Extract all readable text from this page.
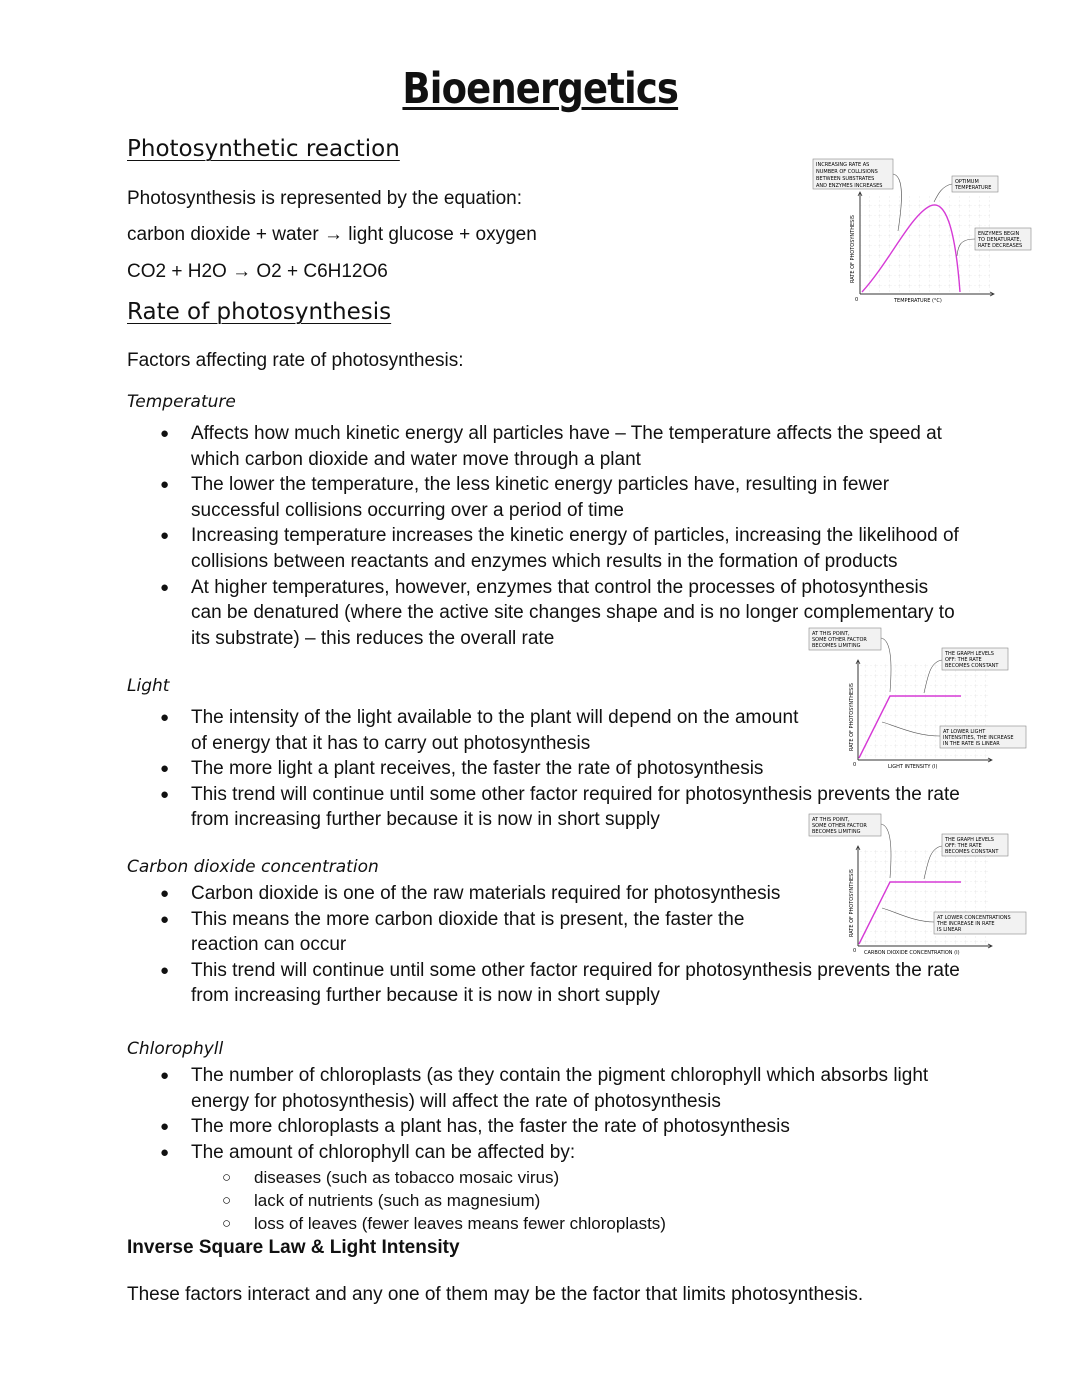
Bioenergetics
Photosynthetic reaction
Photosynthesis is represented by the equation:
carbon dioxide + water → light glucose + oxygen
CO2 + H2O → O2 + C6H12O6
Rate of photosynthesis
Factors affecting rate of photosynthesis:
Temperature
● Affects how much kinetic energy all particles have – The temperature affects the speed at which carbon dioxide and water move through a plant
● The lower the temperature, the less kinetic energy particles have, resulting in fewer successful collisions occurring over a period of time
● Increasing temperature increases the kinetic energy of particles, increasing the likelihood of collisions between reactants and enzymes which results in the formation of products
● At higher temperatures, however, enzymes that control the processes of photosynthesis can be denatured (where the active site changes shape and is no longer complementary to its substrate) – this reduces the overall rate
Light
● The intensity of the light available to the plant will depend on the amount of energy that it has to carry out photosynthesis
● The more light a plant receives, the faster the rate of photosynthesis
● This trend will continue until some other factor required for photosynthesis prevents the rate from increasing further because it is now in short supply
Carbon dioxide concentration
● Carbon dioxide is one of the raw materials required for photosynthesis
● This means the more carbon dioxide that is present, the faster the reaction can occur
● This trend will continue until some other factor required for photosynthesis prevents the rate from increasing further because it is now in short supply
Chlorophyll
● The number of chloroplasts (as they contain the pigment chlorophyll which absorbs light energy for photosynthesis) will affect the rate of photosynthesis
● The more chloroplasts a plant has, the faster the rate of photosynthesis
● The amount of chlorophyll can be affected by:
○ diseases (such as tobacco mosaic virus)
○ lack of nutrients (such as magnesium)
○ loss of leaves (fewer leaves means fewer chloroplasts)
Inverse Square Law & Light Intensity
These factors interact and any one of them may be the factor that limits photosynthesis.
RATE OF PHOTOSYNTHESIS
TEMPERATURE (°C)
0
INCREASING RATE AS NUMBER OF COLLISIONS BETWEEN SUBSTRATES AND ENZYMES INCREASES
OPTIMUM TEMPERATURE
ENZYMES BEGIN TO DENATURATE, RATE DECREASES
RATE OF PHOTOSYNTHESIS
LIGHT INTENSITY (I)
0
AT THIS POINT, SOME OTHER FACTOR BECOMES LIMITING
THE GRAPH LEVELS OFF: THE RATE BECOMES CONSTANT
AT LOWER LIGHT INTENSITIES, THE INCREASE IN THE RATE IS LINEAR
RATE OF PHOTOSYNTHESIS
CARBON DIOXIDE CONCENTRATION (I)
0
AT THIS POINT, SOME OTHER FACTOR BECOMES LIMITING
THE GRAPH LEVELS OFF: THE RATE BECOMES CONSTANT
AT LOWER CONCENTRATIONS THE INCREASE IN RATE IS LINEAR
